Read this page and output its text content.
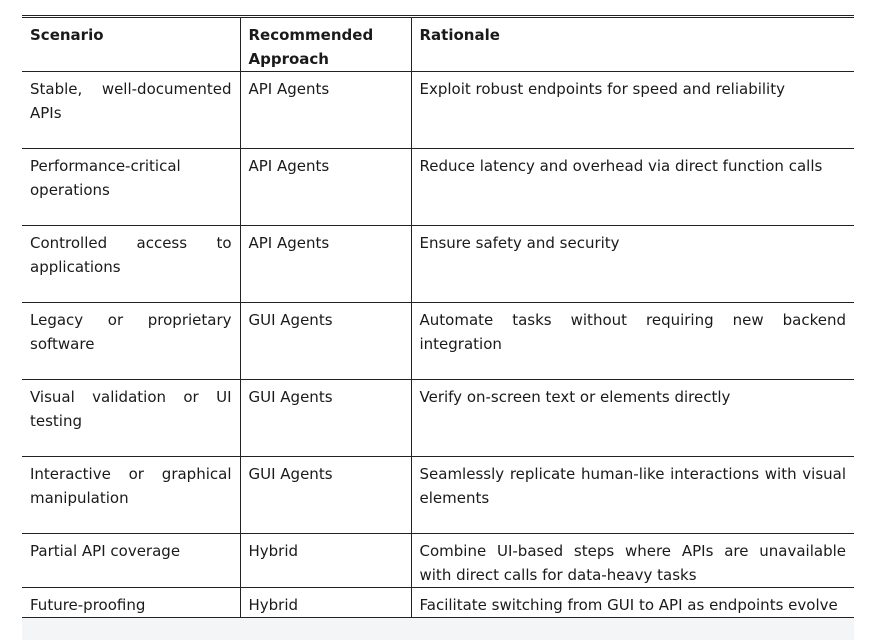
Scenario	Recommended Approach	Rationale
Stable, well-documented APIs	API Agents	Exploit robust endpoints for speed and reliability
Performance-critical operations	API Agents	Reduce latency and overhead via direct function calls
Controlled access to applications	API Agents	Ensure safety and security
Legacy or proprietary software	GUI Agents	Automate tasks without requiring new backend integration
Visual validation or UI testing	GUI Agents	Verify on-screen text or elements directly
Interactive or graphical manipulation	GUI Agents	Seamlessly replicate human-like interactions with visual elements
Partial API coverage	Hybrid	Combine UI-based steps where APIs are unavailable with direct calls for data-heavy tasks
Future-proofing	Hybrid	Facilitate switching from GUI to API as endpoints evolve
